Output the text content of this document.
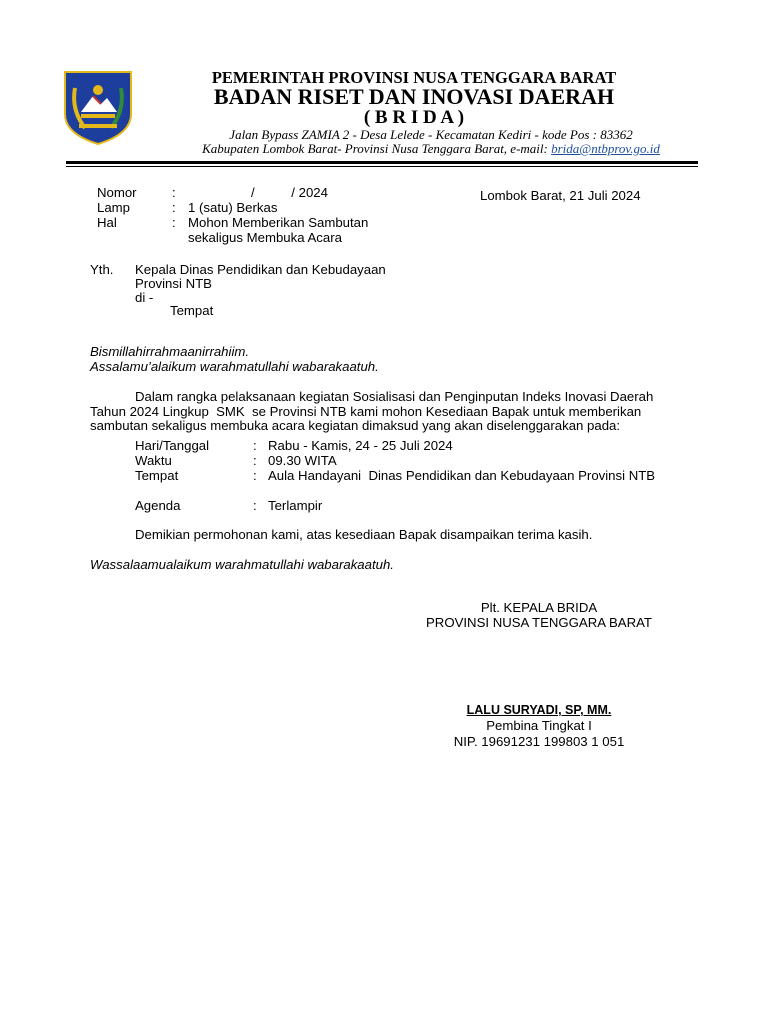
PEMERINTAH PROVINSI NUSA TENGGARA BARAT
BADAN RISET DAN INOVASI DAERAH
( B R I D A )
Jalan Bypass ZAMIA 2 - Desa Lelede - Kecamatan Kediri - kode Pos : 83362
Kabupaten Lombok Barat- Provinsi Nusa Tenggara Barat, e-mail: brida@ntbprov.go.id
Nomor	:	/          / 2024
Lamp	: 1 (satu) Berkas
Hal	: Mohon Memberikan Sambutan
sekaligus Membuka Acara
Lombok Barat, 21 Juli 2024
Yth. Kepala Dinas Pendidikan dan Kebudayaan
Provinsi NTB
di -
Tempat
Bismillahirrahmaanirrahiim.
Assalamu’alaikum warahmatullahi wabarakaatuh.
Dalam rangka pelaksanaan kegiatan Sosialisasi dan Penginputan Indeks Inovasi Daerah
Tahun 2024 Lingkup  SMK  se Provinsi NTB kami mohon Kesediaan Bapak untuk memberikan
sambutan sekaligus membuka acara kegiatan dimaksud yang akan diselenggarakan pada:
Hari/Tanggal	: Rabu - Kamis, 24 - 25 Juli 2024
Waktu	: 09.30 WITA
Tempat	: Aula Handayani  Dinas Pendidikan dan Kebudayaan Provinsi NTB
Agenda	: Terlampir
Demikian permohonan kami, atas kesediaan Bapak disampaikan terima kasih.
Wassalaamualaikum warahmatullahi wabarakaatuh.
Plt. KEPALA BRIDA
PROVINSI NUSA TENGGARA BARAT
LALU SURYADI, SP, MM.
Pembina Tingkat I
NIP. 19691231 199803 1 051
